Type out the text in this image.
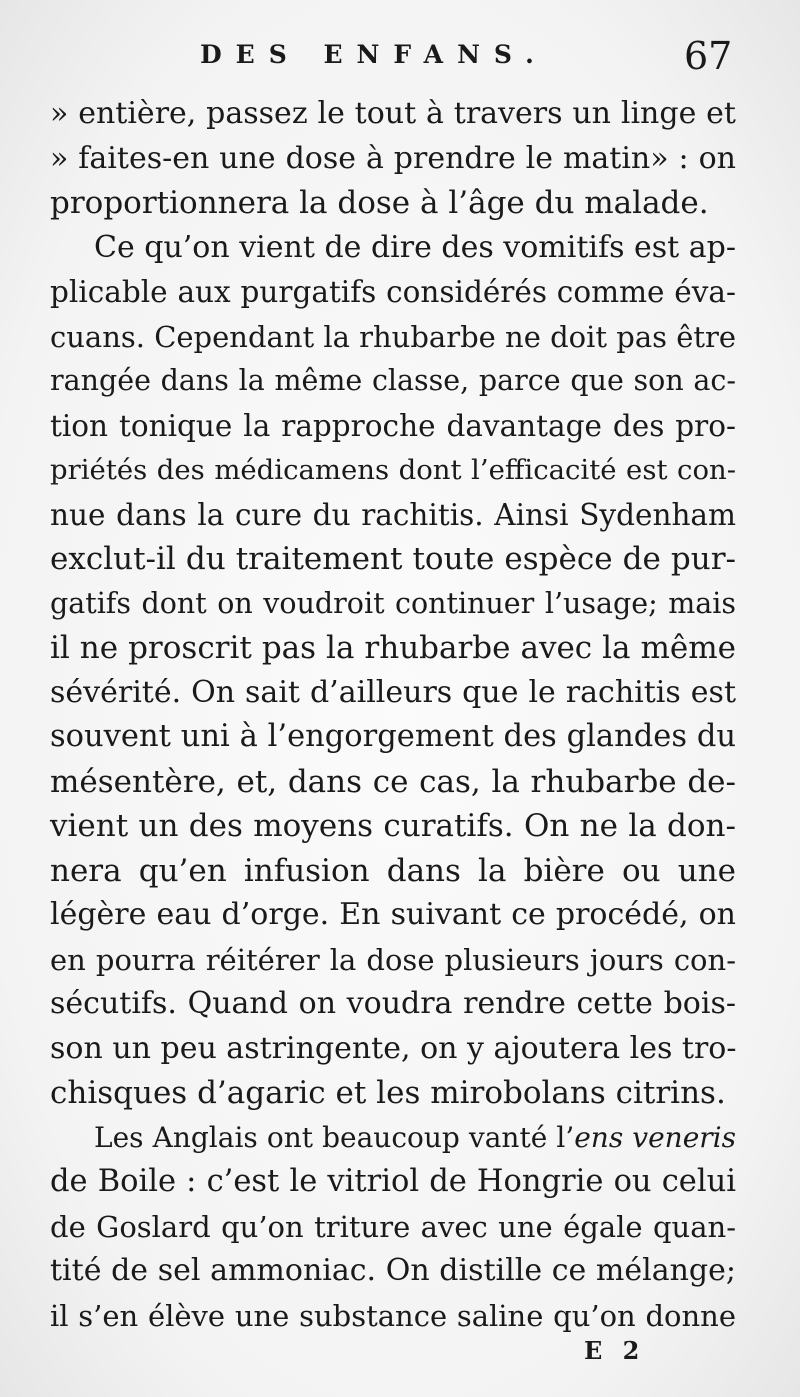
DES ENFANS.	67
» entière, passez le tout à travers un linge et
» faites-en une dose à prendre le matin» : on
proportionnera la dose à l’âge du malade.
Ce qu’on vient de dire des vomitifs est ap-
plicable aux purgatifs considérés comme éva-
cuans. Cependant la rhubarbe ne doit pas être
rangée dans la même classe, parce que son ac-
tion tonique la rapproche davantage des pro-
priétés des médicamens dont l’efficacité est con-
nue dans la cure du rachitis. Ainsi Sydenham
exclut-il du traitement toute espèce de pur-
gatifs dont on voudroit continuer l’usage; mais
il ne proscrit pas la rhubarbe avec la même
sévérité. On sait d’ailleurs que le rachitis est
souvent uni à l’engorgement des glandes du
mésentère, et, dans ce cas, la rhubarbe de-
vient un des moyens curatifs. On ne la don-
nera qu’en infusion dans la bière ou une
légère eau d’orge. En suivant ce procédé, on
en pourra réitérer la dose plusieurs jours con-
sécutifs. Quand on voudra rendre cette bois-
son un peu astringente, on y ajoutera les tro-
chisques d’agaric et les mirobolans citrins.
Les Anglais ont beaucoup vanté l’ens veneris
de Boile : c’est le vitriol de Hongrie ou celui
de Goslard qu’on triture avec une égale quan-
tité de sel ammoniac. On distille ce mélange;
il s’en élève une substance saline qu’on donne
E 2
